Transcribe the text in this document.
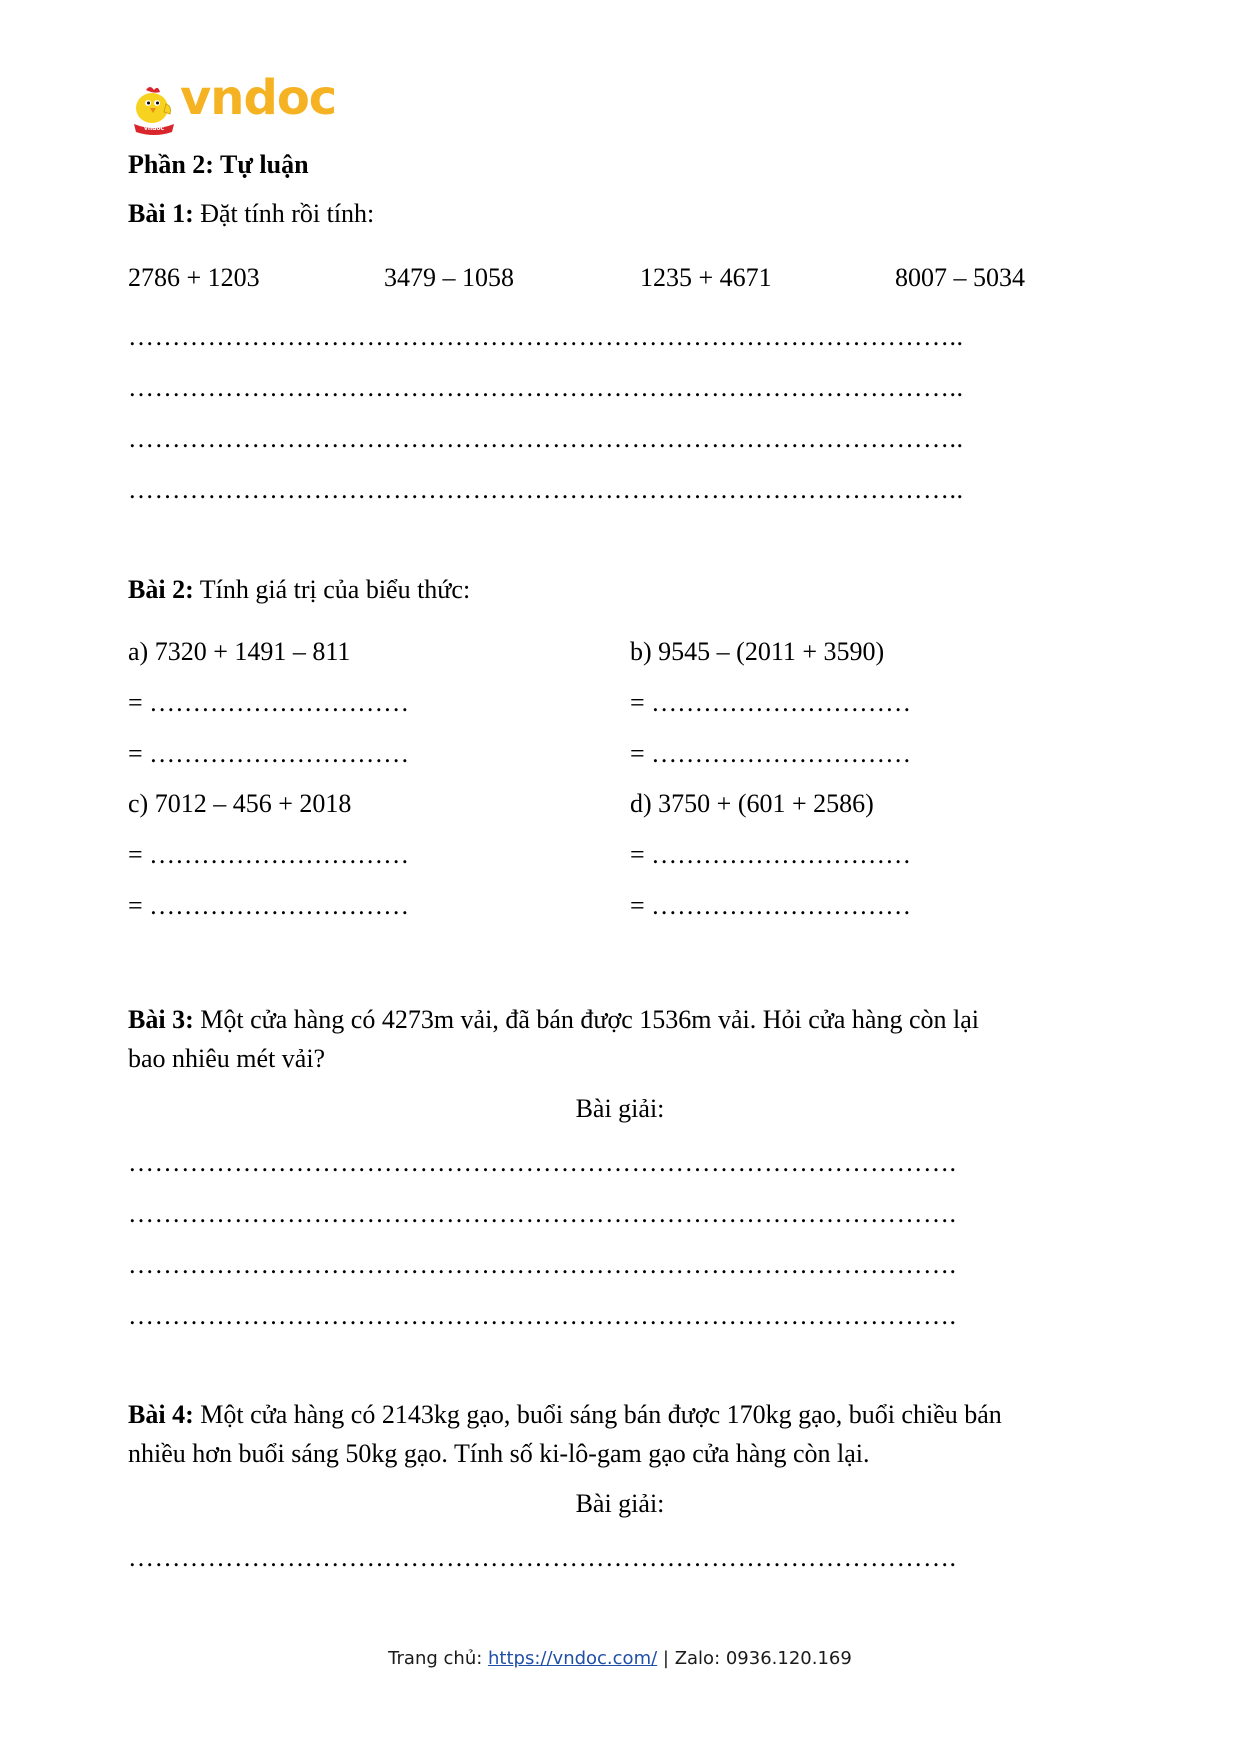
vndoc
vndoc
Phần 2: Tự luận
Bài 1: Đặt tính rồi tính:
2786 + 1203	3479 – 1058	1235 + 4671	8007 – 5034
…………………………………………………………………………………..
…………………………………………………………………………………..
…………………………………………………………………………………..
…………………………………………………………………………………..
Bài 2: Tính giá trị của biểu thức:
a) 7320 + 1491 – 811
= …………………………
= …………………………
b) 9545 – (2011 + 3590)
= …………………………
= …………………………
c) 7012 – 456 + 2018
= …………………………
= …………………………
d) 3750 + (601 + 2586)
= …………………………
= …………………………
Bài 3: Một cửa hàng có 4273m vải, đã bán được 1536m vải. Hỏi cửa hàng còn lại
bao nhiêu mét vải?
Bài giải:
………………………………………………………………………………….
………………………………………………………………………………….
………………………………………………………………………………….
………………………………………………………………………………….
Bài 4: Một cửa hàng có 2143kg gạo, buổi sáng bán được 170kg gạo, buổi chiều bán
nhiều hơn buổi sáng 50kg gạo. Tính số ki-lô-gam gạo cửa hàng còn lại.
Bài giải:
………………………………………………………………………………….
Trang chủ: https://vndoc.com/ | Zalo: 0936.120.169
